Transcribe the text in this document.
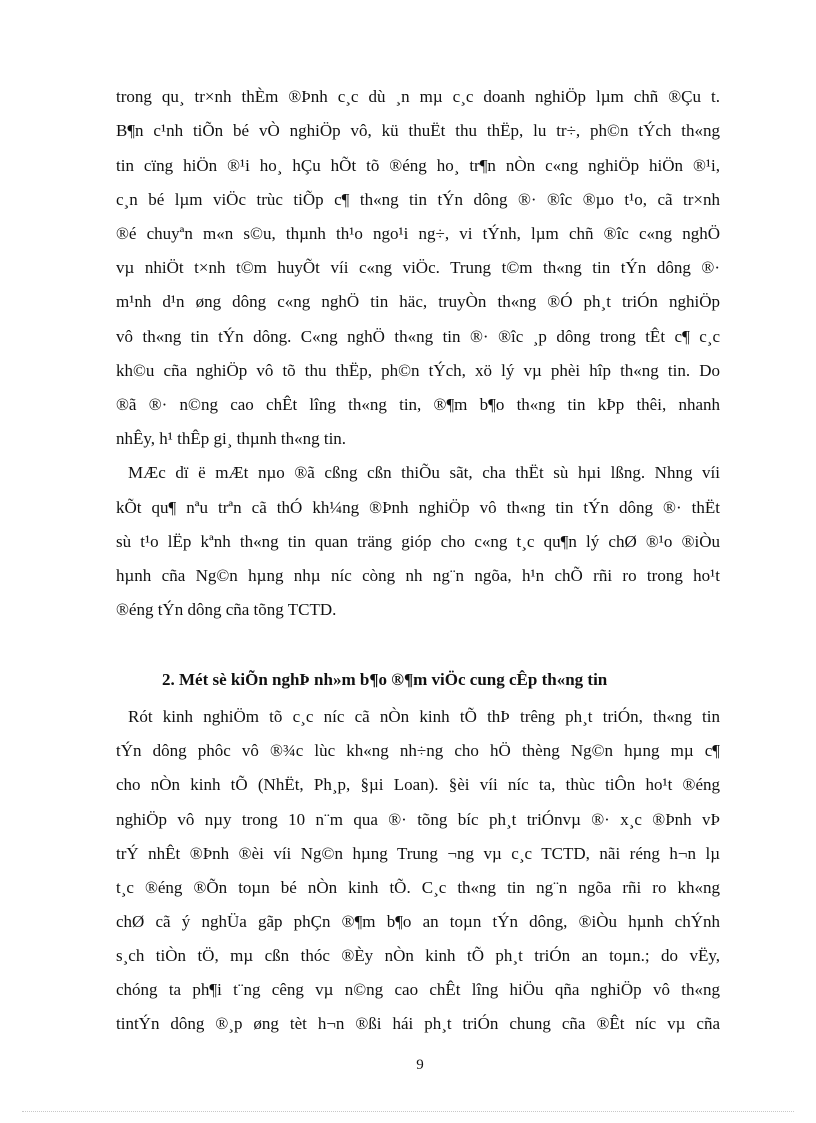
trong qu¸ tr×nh thÈm ®Þnh c¸c dù ¸n mµ c¸c doanh nghiÖp lµm chñ ®Çu t.
B¶n c¹nh tiÕn bé vÒ nghiÖp vô, kü thuËt thu thËp, lu tr÷, ph©n tÝch th«ng
tin cïng hiÖn ®¹i ho¸ hÇu hÕt tõ ®éng ho¸ tr¶n nÒn c«ng nghiÖp hiÖn ®¹i,
c¸n bé lµm viÖc trùc tiÕp c¶ th«ng tin tÝn dông ®· ®îc ®µo t¹o, cã tr×nh
®é chuyªn m«n s©u, thµnh th¹o ngo¹i ng÷, vi tÝnh, lµm chñ ®îc c«ng nghÖ
vµ nhiÖt t×nh t©m huyÕt víi c«ng viÖc. Trung t©m th«ng tin tÝn dông ®·
m¹nh d¹n øng dông c«ng nghÖ tin häc, truyÒn th«ng ®Ó ph¸t triÓn nghiÖp
vô th«ng tin tÝn dông. C«ng nghÖ th«ng tin ®· ®îc ¸p dông trong tÊt c¶ c¸c
kh©u cña nghiÖp vô tõ thu thËp, ph©n tÝch, xö lý vµ phèi hîp th«ng tin. Do
®ã ®· n©ng cao chÊt lîng th«ng tin, ®¶m b¶o th«ng tin kÞp thêi, nhanh
nhÊy, h¹ thÊp gi¸ thµnh th«ng tin.
MÆc dï ë mÆt nµo ®ã cßng cßn thiÕu sãt, cha thËt sù hµi lßng. Nhng víi
kÕt qu¶ nªu trªn cã thÓ kh¼ng ®Þnh nghiÖp vô th«ng tin tÝn dông ®· thËt
sù t¹o lËp kªnh th«ng tin quan träng gióp cho c«ng t¸c qu¶n lý chØ ®¹o ®iÒu
hµnh cña Ng©n hµng nhµ níc còng nh ng¨n ngõa, h¹n chÕ rñi ro trong ho¹t
®éng tÝn dông cña tõng TCTD.
2. Mét sè kiÕn nghÞ nh»m b¶o ®¶m viÖc cung cÊp th«ng tin
Rót kinh nghiÖm tõ c¸c níc cã nÒn kinh tÕ thÞ trêng ph¸t triÓn, th«ng tin
tÝn dông phôc vô ®¾c lùc kh«ng nh÷ng cho hÖ thèng Ng©n hµng mµ c¶
cho nÒn kinh tÕ (NhËt, Ph¸p, §µi Loan). §èi víi níc ta, thùc tiÔn ho¹t ®éng
nghiÖp vô nµy trong 10 n¨m qua ®· tõng bíc ph¸t triÓnvµ ®· x¸c ®Þnh vÞ
trÝ nhÊt ®Þnh ®èi víi Ng©n hµng Trung ¬ng vµ c¸c TCTD, nãi réng h¬n lµ
t¸c ®éng ®Õn toµn bé nÒn kinh tÕ. C¸c th«ng tin ng¨n ngõa rñi ro kh«ng
chØ cã ý nghÜa gãp phÇn ®¶m b¶o an toµn tÝn dông, ®iÒu hµnh chÝnh
s¸ch tiÒn tÖ, mµ cßn thóc ®Èy nÒn kinh tÕ ph¸t triÓn an toµn.; do vËy,
chóng ta ph¶i t¨ng cêng vµ n©ng cao chÊt lîng hiÖu qña nghiÖp vô th«ng
tintÝn dông ®¸p øng tèt h¬n ®ßi hái ph¸t triÓn chung cña ®Êt níc vµ cña
9
